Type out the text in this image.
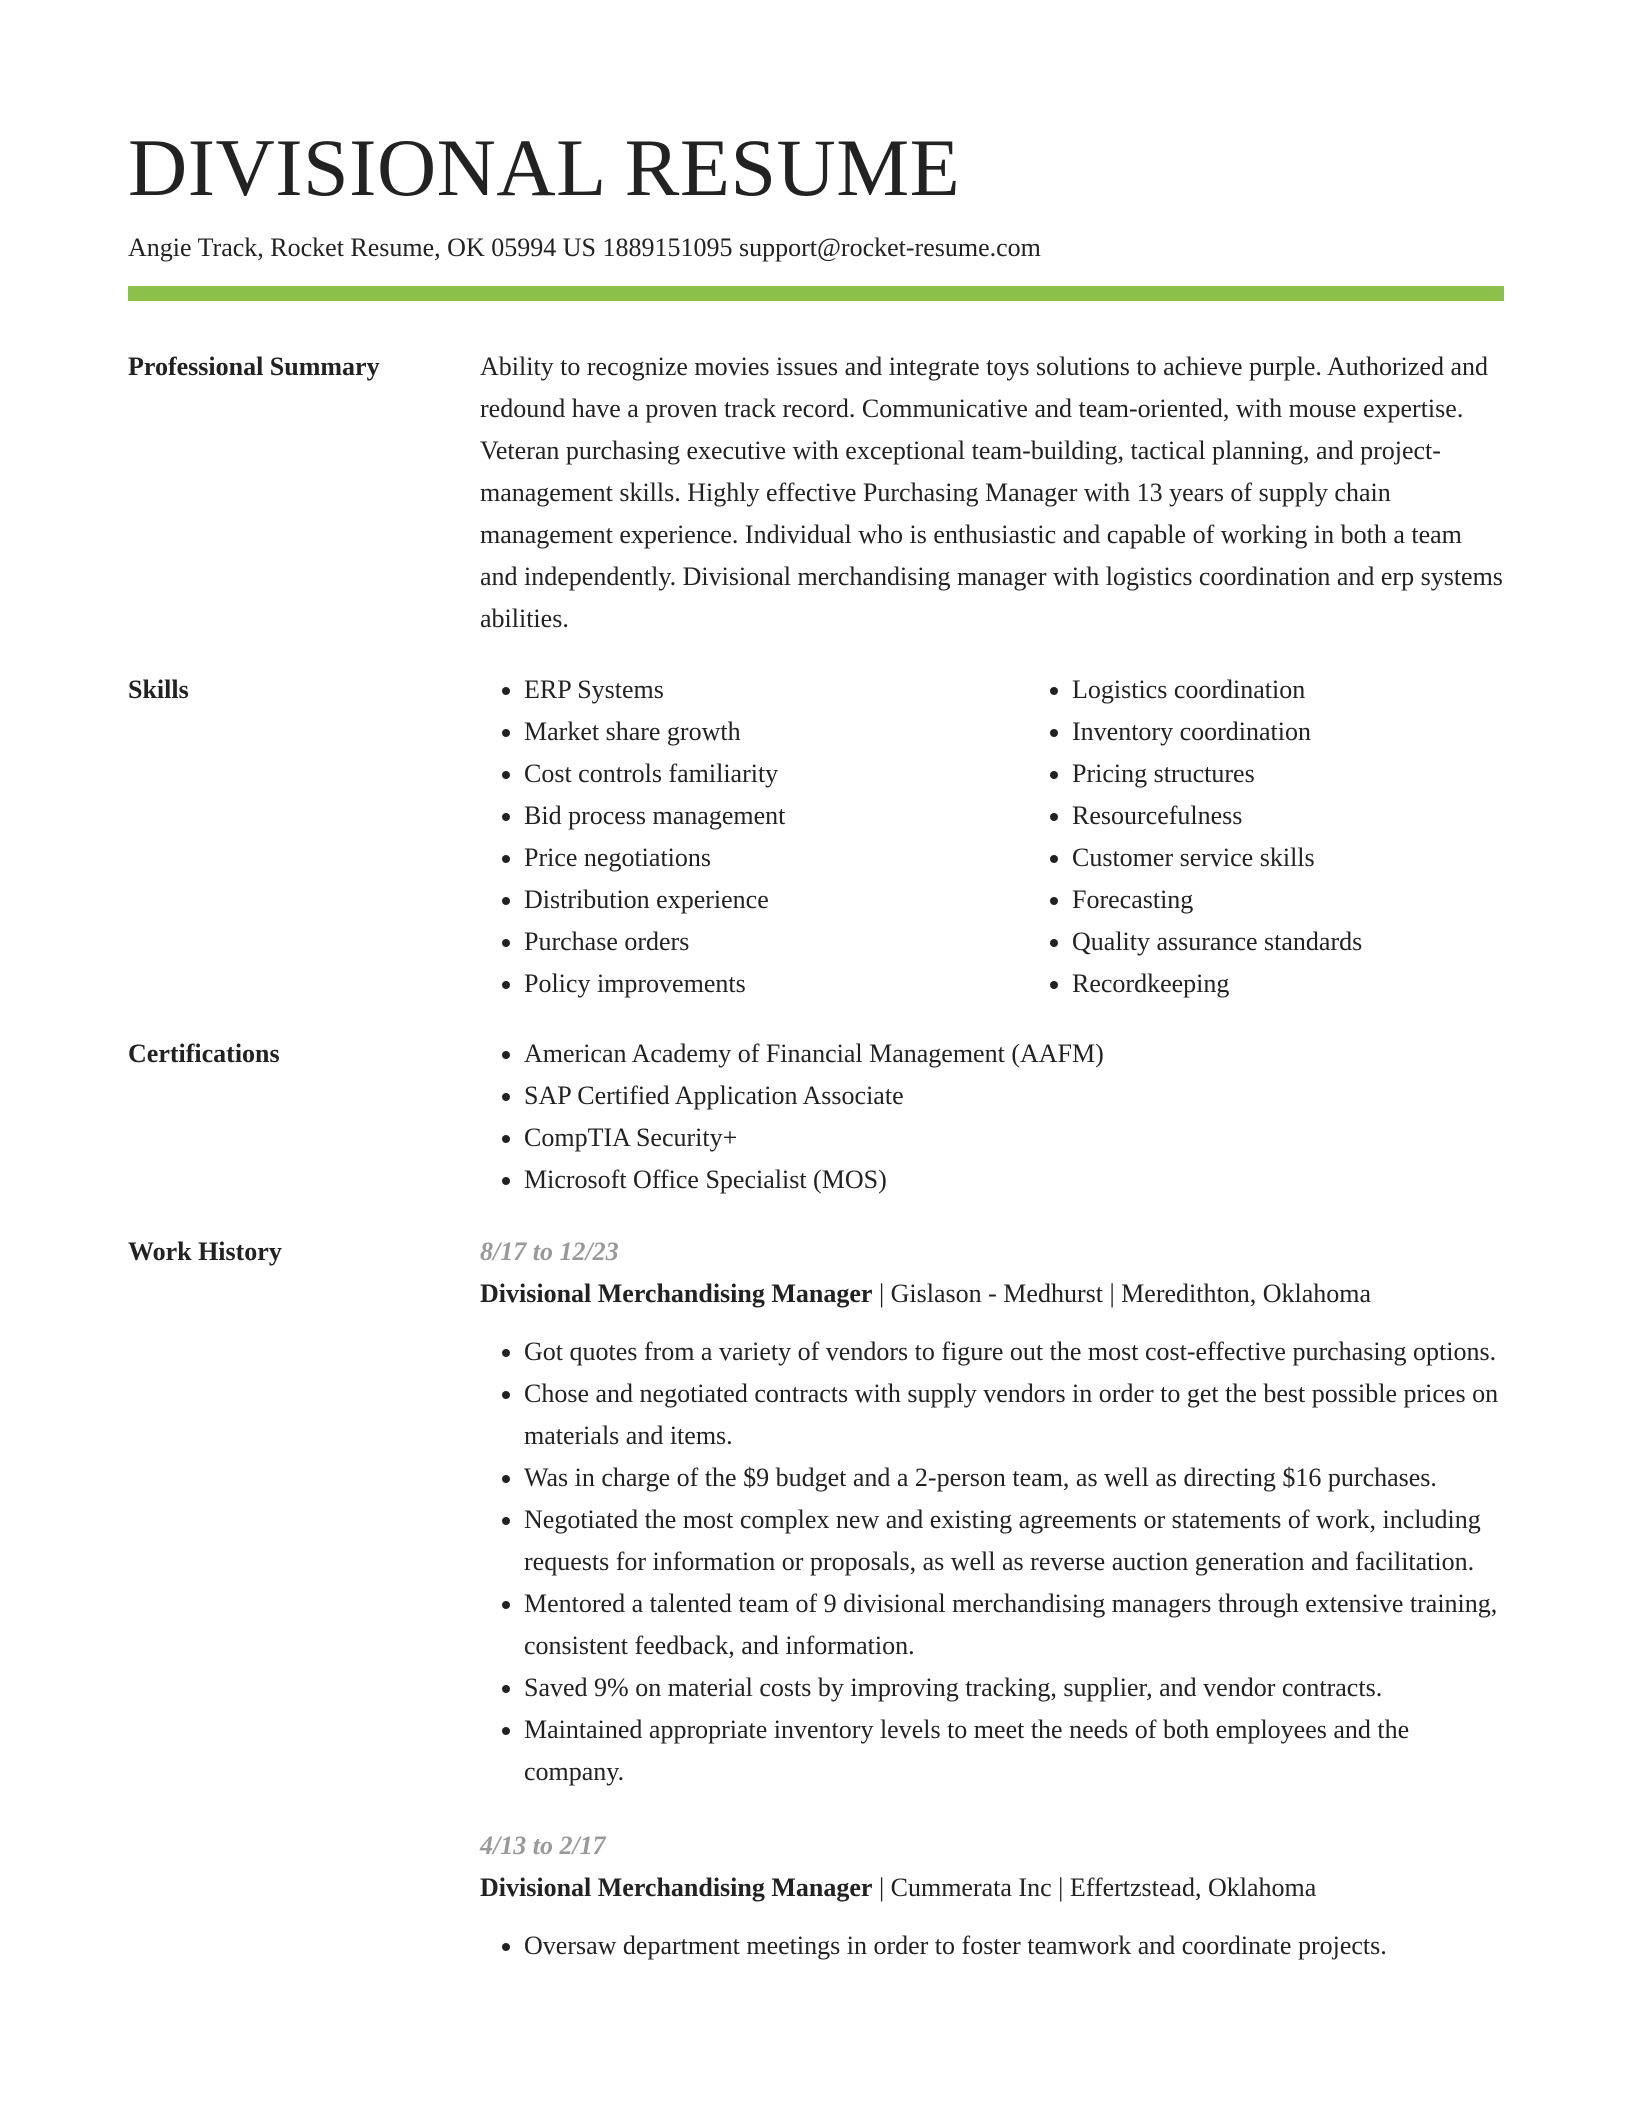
DIVISIONAL RESUME
Angie Track, Rocket Resume, OK 05994 US 1889151095 support@rocket-resume.com
Professional Summary	Ability to recognize movies issues and integrate toys solutions to achieve purple. Authorized and redound have a proven track record. Communicative and team-oriented, with mouse expertise. Veteran purchasing executive with exceptional team-building, tactical planning, and project-management skills. Highly effective Purchasing Manager with 13 years of supply chain management experience. Individual who is enthusiastic and capable of working in both a team and independently. Divisional merchandising manager with logistics coordination and erp systems abilities.

Skills	• ERP Systems
• Market share growth
• Cost controls familiarity
• Bid process management
• Price negotiations
• Distribution experience
• Purchase orders
• Policy improvements
• Logistics coordination
• Inventory coordination
• Pricing structures
• Resourcefulness
• Customer service skills
• Forecasting
• Quality assurance standards
• Recordkeeping
Certifications	• American Academy of Financial Management (AAFM)
• SAP Certified Application Associate
• CompTIA Security+
• Microsoft Office Specialist (MOS)
Work History	8/17 to 12/23
Divisional Merchandising Manager | Gislason - Medhurst | Meredithton, Oklahoma
• Got quotes from a variety of vendors to figure out the most cost-effective purchasing options.
• Chose and negotiated contracts with supply vendors in order to get the best possible prices on materials and items.
• Was in charge of the $9 budget and a 2-person team, as well as directing $16 purchases.
• Negotiated the most complex new and existing agreements or statements of work, including requests for information or proposals, as well as reverse auction generation and facilitation.
• Mentored a talented team of 9 divisional merchandising managers through extensive training, consistent feedback, and information.
• Saved 9% on material costs by improving tracking, supplier, and vendor contracts.
• Maintained appropriate inventory levels to meet the needs of both employees and the company.
4/13 to 2/17
Divisional Merchandising Manager | Cummerata Inc | Effertzstead, Oklahoma
• Oversaw department meetings in order to foster teamwork and coordinate projects.
